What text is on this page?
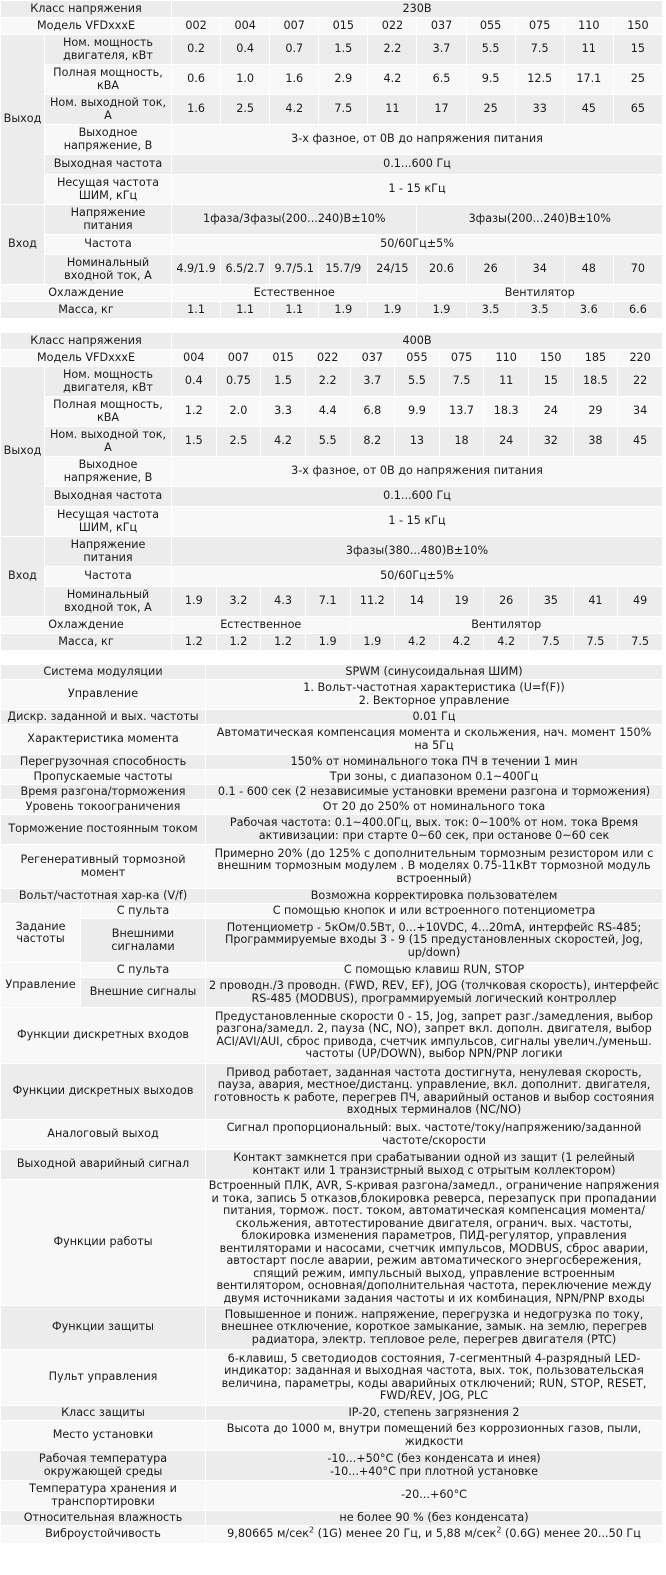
Класс напряжения		230В									
Модель VFDxxxE		002	004	007	015	022	037	055	075	110	150
Выход	Ном. мощность двигателя, кВт	0.2	0.4	0.7	1.5	2.2	3.7	5.5	7.5	11	15
	Полная мощность, кВА	0.6	1.0	1.6	2.9	4.2	6.5	9.5	12.5	17.1	25
	Ном. выходной ток, А	1.6	2.5	4.2	7.5	11	17	25	33	45	65
	Выходное напряжение, В	3-х фазное, от 0В до напряжения питания									
	Выходная частота	0.1...600 Гц									
	Несущая частота ШИМ, кГц	1 - 15 кГц									
Вход	Напряжение питания	1фаза/3фазы(200...240)В±10%					3фазы(200...240)В±10%				
	Частота	50/60Гц±5%									
	Номинальный входной ток, А	4.9/1.9	6.5/2.7	9.7/5.1	15.7/9	24/15	20.6	26	34	48	70
Охлаждение		Естественное					Вентилятор				
Масса, кг		1.1	1.1	1.1	1.9	1.9	1.9	3.5	3.5	3.6	6.6
Класс напряжения		400В										
Модель VFDxxxE		004	007	015	022	037	055	075	110	150	185	220
Выход	Ном. мощность двигателя, кВт	0.4	0.75	1.5	2.2	3.7	5.5	7.5	11	15	18.5	22
	Полная мощность, кВА	1.2	2.0	3.3	4.4	6.8	9.9	13.7	18.3	24	29	34
	Ном. выходной ток, А	1.5	2.5	4.2	5.5	8.2	13	18	24	32	38	45
	Выходное напряжение, В	3-х фазное, от 0В до напряжения питания										
	Выходная частота	0.1...600 Гц										
	Несущая частота ШИМ, кГц	1 - 15 кГц										
Вход	Напряжение питания	3фазы(380...480)В±10%										
	Частота	50/60Гц±5%										
	Номинальный входной ток, А	1.9	3.2	4.3	7.1	11.2	14	19	26	35	41	49
Охлаждение		Естественное				Вентилятор						
Масса, кг		1.2	1.2	1.2	1.9	1.9	4.2	4.2	4.2	7.5	7.5	7.5
Система модуляции		SPWM (синусоидальная ШИМ)
Управление		1. Вольт-частотная характеристика (U=f(F))
2. Векторное управление

Дискр. заданной и вых. частоты		0.01 Гц
Характеристика момента		Автоматическая компенсация момента и скольжения, нач. момент 150% на 5Гц
Перегрузочная способность		150% от номинального тока ПЧ в течении 1 мин
Пропускаемые частоты		Три зоны, с диапазоном 0.1~400Гц
Время разгона/торможения		0.1 - 600 сек (2 независимые установки времени разгона и торможения)
Уровень токоограничения		От 20 до 250% от номинального тока
Торможение постоянным током		Рабочая частота: 0.1~400.0Гц, вых. ток: 0~100% от ном. тока Время активизации: при старте 0~60 сек, при останове 0~60 сек
Регенеративный тормозной момент		Примерно 20% (до 125% с дополнительным тормозным резистором или с внешним тормозным модулем . В моделях 0.75-11кВт тормозной модуль встроенный)
Вольт/частотная хар-ка (V/f)		Возможна корректировка пользователем
Задание частоты	С пульта	С помощью кнопок и или встроенного потенциометра
	Внешними сигналами	Потенциометр - 5кОм/0.5Вт, 0...+10VDC, 4...20mA, интерфейс RS-485; Программируемые входы 3 - 9 (15 предустановленных скоростей, Jog, up/down)
Управление	С пульта	С помощью клавиш RUN, STOP
	Внешние сигналы	2 проводн./3 проводн. (FWD, REV, EF), JOG (толчковая скорость), интерфейс RS-485 (MODBUS), программируемый логический контроллер
Функции дискретных входов		Предустановленные скорости 0 - 15, Jog, запрет разг./замедления, выбор разгона/замедл. 2, пауза (NC, NO), запрет вкл. дополн. двигателя, выбор ACI/AVI/AUI, сброс привода, счетчик импульсов, сигналы увелич./уменьш. частоты (UP/DOWN), выбор NPN/PNP логики
Функции дискретных выходов		Привод работает, заданная частота достигнута, ненулевая скорость, пауза, авария, местное/дистанц. управление, вкл. дополнит. двигателя, готовность к работе, перегрев ПЧ, аварийный останов и выбор состояния входных терминалов (NC/NO)
Аналоговый выход		Сигнал пропорциональный: вых. частоте/току/напряжению/заданной частоте/скорости
Выходной аварийный сигнал		Контакт замкнется при срабатывании одной из защит (1 релейный контакт или 1 транзистрный выход с отрытым коллектором)
Функции работы		Встроенный ПЛК, AVR, S-кривая разгона/замедл., ограничение напряжения и тока, запись 5 отказов,блокировка реверса, перезапуск при пропадании питания, тормож. пост. током, автоматическая компенсация момента/скольжения, автотестирование двигателя, огранич. вых. частоты, блокировка изменения параметров, ПИД-регулятор, управления вентиляторами и насосами, счетчик импульсов, MODBUS, сброс аварии, автостарт после аварии, режим автоматического энергосбережения, спящий режим, импульсный выход, управление встроенным вентилятором, основная/дополнительная частота, переключение между двумя источниками задания частоты и их комбинация, NPN/PNP входы
Функции защиты		Повышенное и пониж. напряжение, перегрузка и недогрузка по току, внешнее отключение, короткое замыкание, замык. на землю, перегрев радиатора, электр. тепловое реле, перегрев двигателя (PTC)
Пульт управления		6-клавиш, 5 светодиодов состояния, 7-сегментный 4-разрядный LED-индикатор: заданная и выходная частота, вых. ток, пользовательская величина, параметры, коды аварийных отключений; RUN, STOP, RESET, FWD/REV, JOG, PLC
Класс защиты		IP-20, степень загрязнения 2
Место установки		Высота до 1000 м, внутри помещений без коррозионных газов, пыли, жидкости
Рабочая температура окружающей среды		-10...+50°C (без конденсата и инея)
-10...+40°C при плотной установке

Температура хранения и транспортировки		-20...+60°C
Относительная влажность		не более 90 % (без конденсата)
Виброустойчивость		9,80665 м/сек$^2$ (1G) менее 20 Гц, и 5,88 м/сек$^2$ (0.6G) менее 20...50 Гц
